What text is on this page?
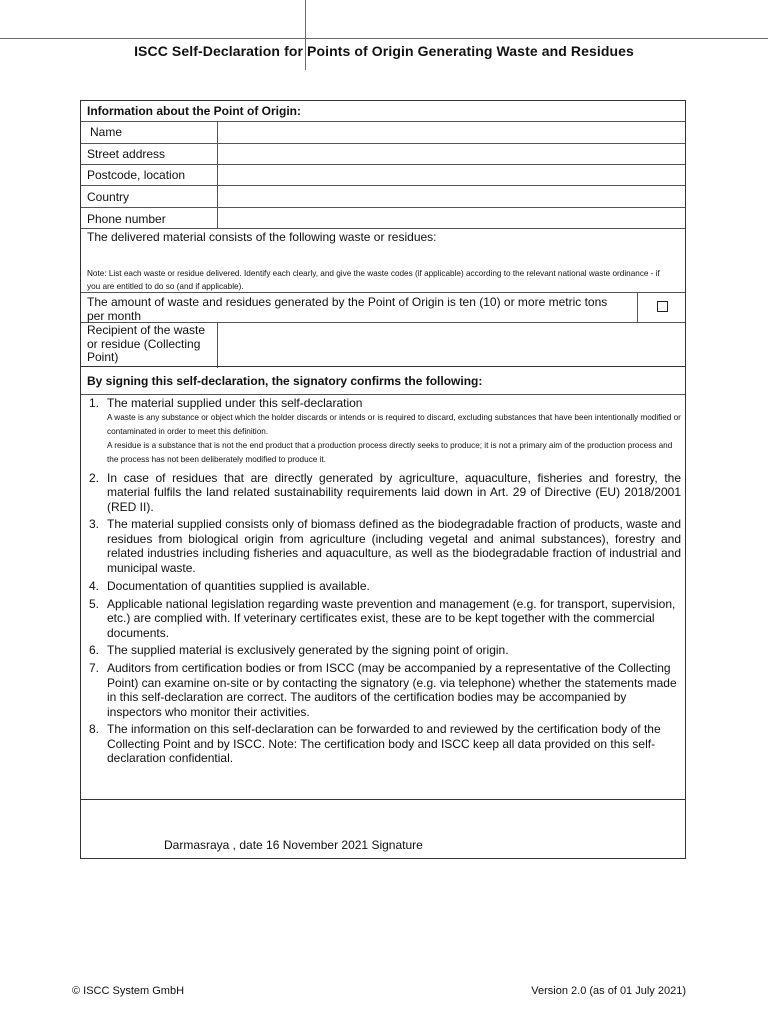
ISCC Self-Declaration for Points of Origin Generating Waste and Residues
Information about the Point of Origin:
Name
Street address
Postcode, location
Country
Phone number
The delivered material consists of the following waste or residues:
Note: List each waste or residue delivered. Identify each clearly, and give the waste codes (if applicable) according to the relevant national waste ordinance - if you are entitled to do so (and if applicable).
The amount of waste and residues generated by the Point of Origin is ten (10) or more metric tons per month
Recipient of the waste or residue (Collecting Point)
By signing this self-declaration, the signatory confirms the following:
1. The material supplied under this self-declaration
A waste is any substance or object which the holder discards or intends or is required to discard, excluding substances that have been intentionally modified or contaminated in order to meet this definition.
A residue is a substance that is not the end product that a production process directly seeks to produce; it is not a primary aim of the production process and the process has not been deliberately modified to produce it.
2. In case of residues that are directly generated by agriculture, aquaculture, fisheries and forestry, the material fulfils the land related sustainability requirements laid down in Art. 29 of Directive (EU) 2018/2001 (RED II).
3. The material supplied consists only of biomass defined as the biodegradable fraction of products, waste and residues from biological origin from agriculture (including vegetal and animal substances), forestry and related industries including fisheries and aquaculture, as well as the biodegradable fraction of industrial and municipal waste.
4. Documentation of quantities supplied is available.
5. Applicable national legislation regarding waste prevention and management (e.g. for transport, supervision, etc.) are complied with. If veterinary certificates exist, these are to be kept together with the commercial documents.
6. The supplied material is exclusively generated by the signing point of origin.
7. Auditors from certification bodies or from ISCC (may be accompanied by a representative of the Collecting Point) can examine on-site or by contacting the signatory (e.g. via telephone) whether the statements made in this self-declaration are correct. The auditors of the certification bodies may be accompanied by inspectors who monitor their activities.
8. The information on this self-declaration can be forwarded to and reviewed by the certification body of the Collecting Point and by ISCC. Note: The certification body and ISCC keep all data provided on this self-declaration confidential.
Darmasraya , date 16 November 2021 Signature
© ISCC System GmbH	Version 2.0 (as of 01 July 2021)
